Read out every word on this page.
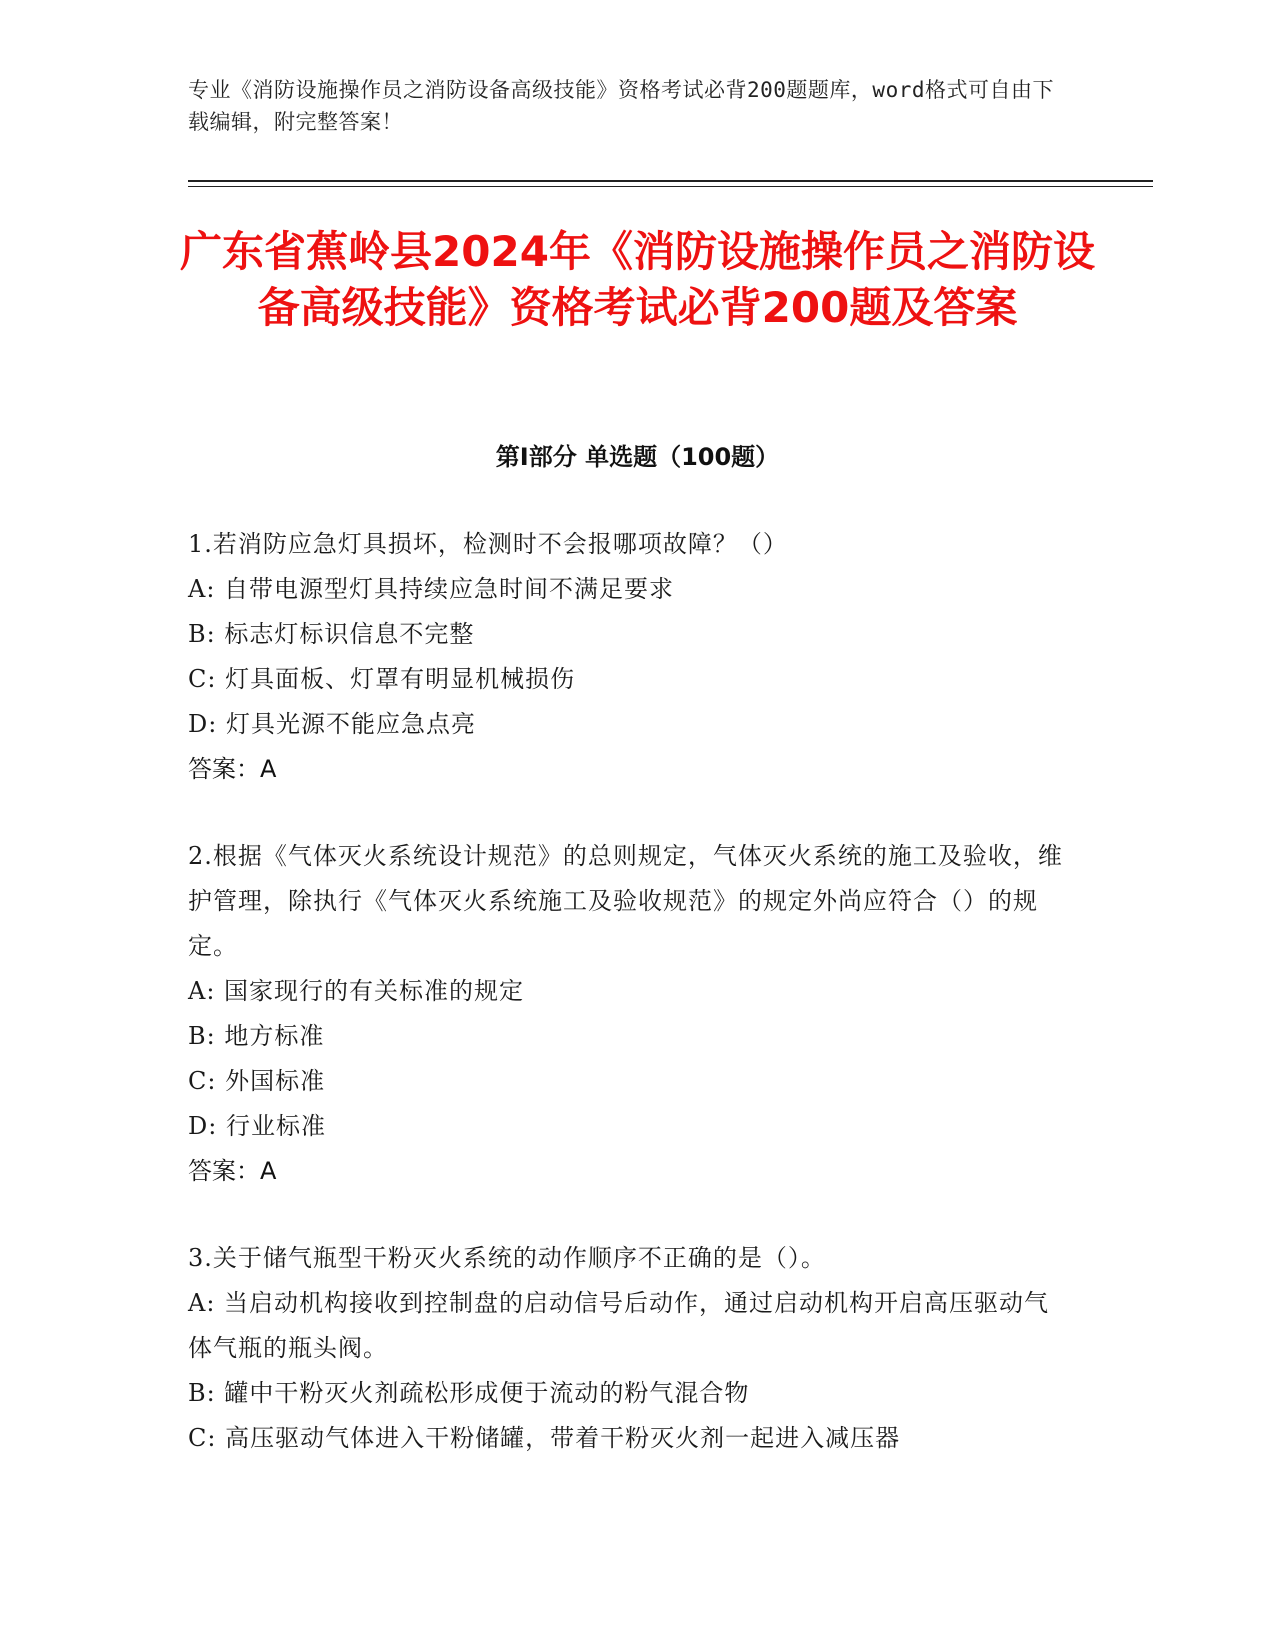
专业《消防设施操作员之消防设备高级技能》资格考试必背200题题库，word格式可自由下载编辑，附完整答案！
广东省蕉岭县2024年《消防设施操作员之消防设备高级技能》资格考试必背200题及答案
第I部分 单选题（100题）
1.若消防应急灯具损坏，检测时不会报哪项故障？（）
A: 自带电源型灯具持续应急时间不满足要求
B: 标志灯标识信息不完整
C: 灯具面板、灯罩有明显机械损伤
D: 灯具光源不能应急点亮
答案：A
2.根据《气体灭火系统设计规范》的总则规定，气体灭火系统的施工及验收，维护管理，除执行《气体灭火系统施工及验收规范》的规定外尚应符合（）的规定。
A: 国家现行的有关标准的规定
B: 地方标准
C: 外国标准
D: 行业标准
答案：A
3.关于储气瓶型干粉灭火系统的动作顺序不正确的是（）。
A: 当启动机构接收到控制盘的启动信号后动作，通过启动机构开启高压驱动气体气瓶的瓶头阀。
B: 罐中干粉灭火剂疏松形成便于流动的粉气混合物
C: 高压驱动气体进入干粉储罐，带着干粉灭火剂一起进入减压器
